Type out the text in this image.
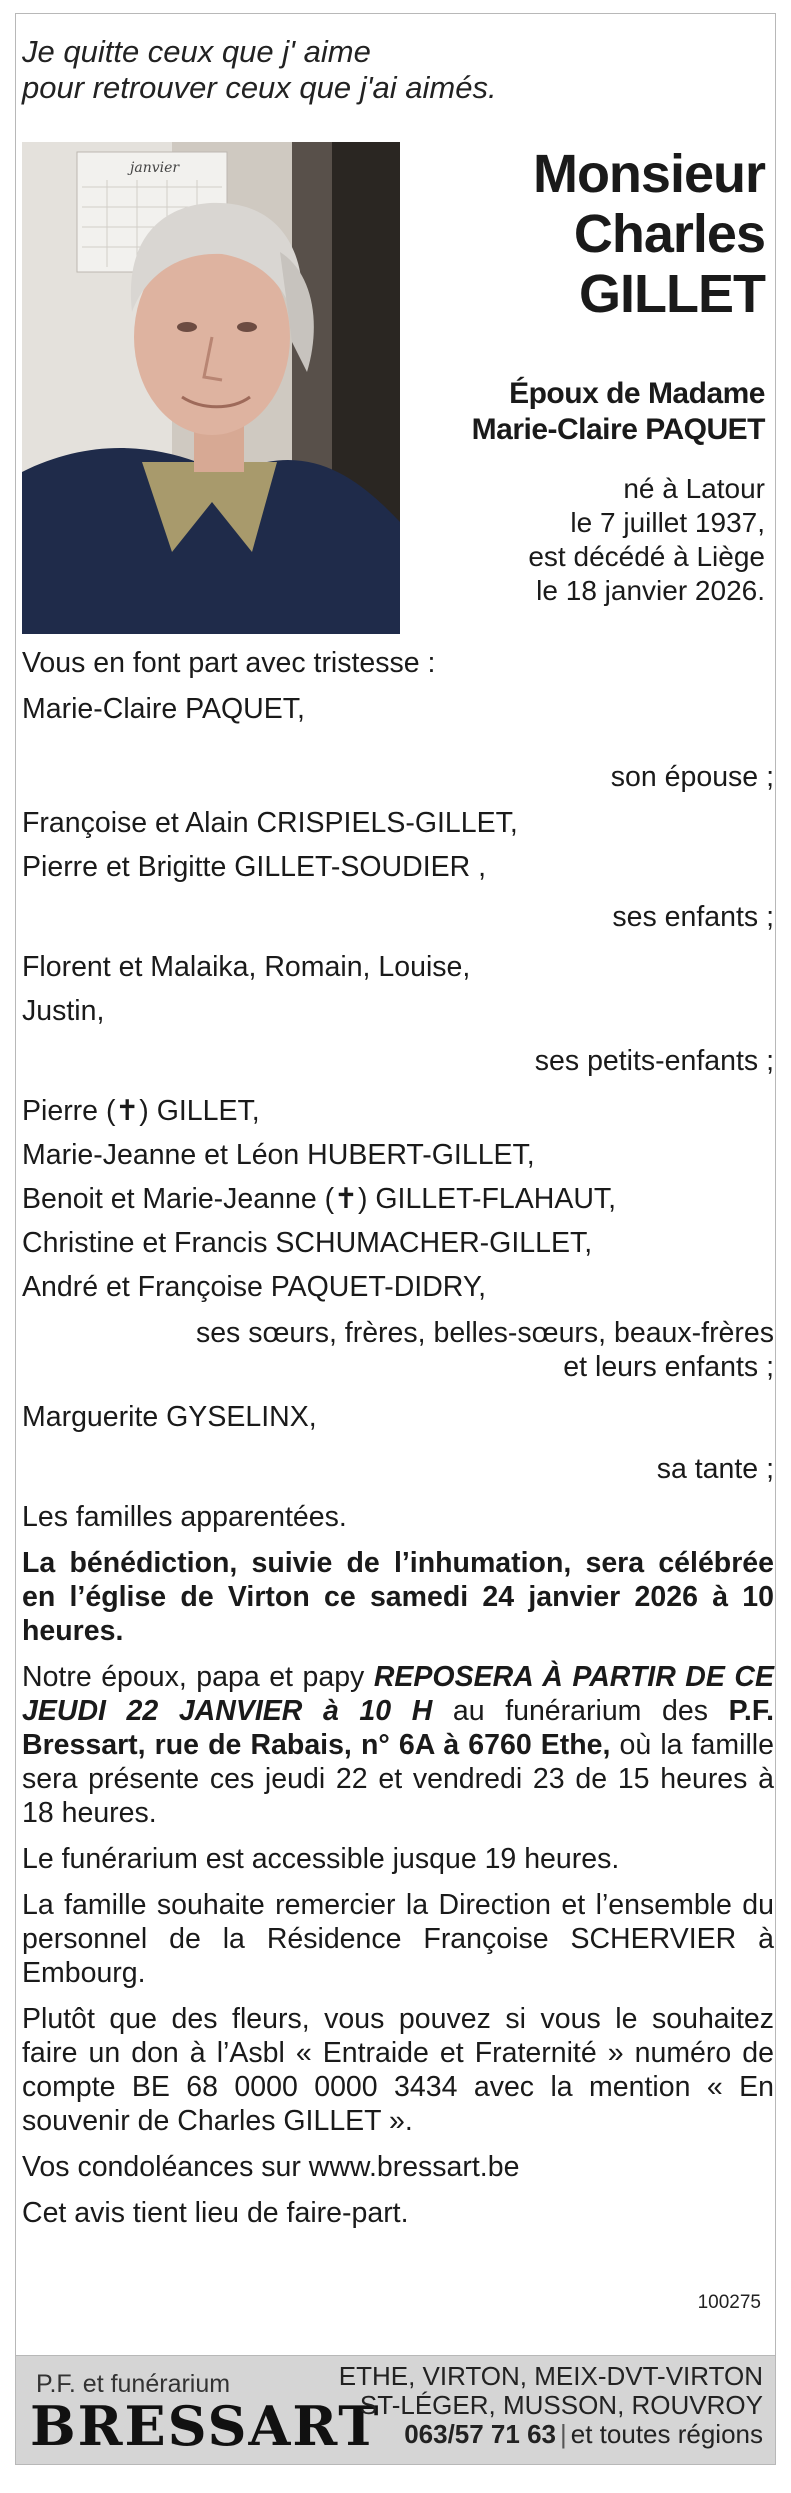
Je quitte ceux que j' aime
pour retrouver ceux que j'ai aimés.
janvier	Monsieur
Charles
GILLET
Époux de Madame
Marie-Claire PAQUET
né à Latour
le 7 juillet 1937,
est décédé à Liège
le 18 janvier 2026.

Vous en font part avec tristesse :

Marie-Claire PAQUET,
son épouse ;
Françoise et Alain CRISPIELS-GILLET,
Pierre et Brigitte GILLET-SOUDIER ,
ses enfants ;
Florent et Malaika, Romain, Louise,
Justin,
ses petits-enfants ;
Pierre (✝) GILLET,
Marie-Jeanne et Léon HUBERT-GILLET,
Benoit et Marie-Jeanne (✝) GILLET-FLAHAUT,
Christine et Francis SCHUMACHER-GILLET,
André et Françoise PAQUET-DIDRY,
ses sœurs, frères, belles-sœurs, beaux-frères
et leurs enfants ;
Marguerite GYSELINX,
sa tante ;
Les familles apparentées.

La bénédiction, suivie de l’inhumation, sera célébrée en l’église de Virton ce samedi 24 janvier 2026 à 10 heures.

Notre époux, papa et papy REPOSERA À PARTIR DE CE JEUDI 22 JANVIER à 10 H au funérarium des P.F. Bressart, rue de Rabais, n° 6A à 6760 Ethe, où la famille sera présente ces jeudi 22 et vendredi 23 de 15 heures à 18 heures.

Le funérarium est accessible jusque 19 heures.

La famille souhaite remercier la Direction et l’ensemble du personnel de la Résidence Françoise SCHERVIER à Embourg.

Plutôt que des fleurs, vous pouvez si vous le souhaitez faire un don à l’Asbl « Entraide et Fraternité » numéro de compte BE 68 0000 0000 3434 avec la mention « En souvenir de Charles GILLET ».

Vos condoléances sur www.bressart.be

Cet avis tient lieu de faire-part.

100275
P.F. et funérarium
BRESSART
ETHE, VIRTON, MEIX-DVT-VIRTON
ST-LÉGER, MUSSON, ROUVROY
063/57 71 63 | et toutes régions
